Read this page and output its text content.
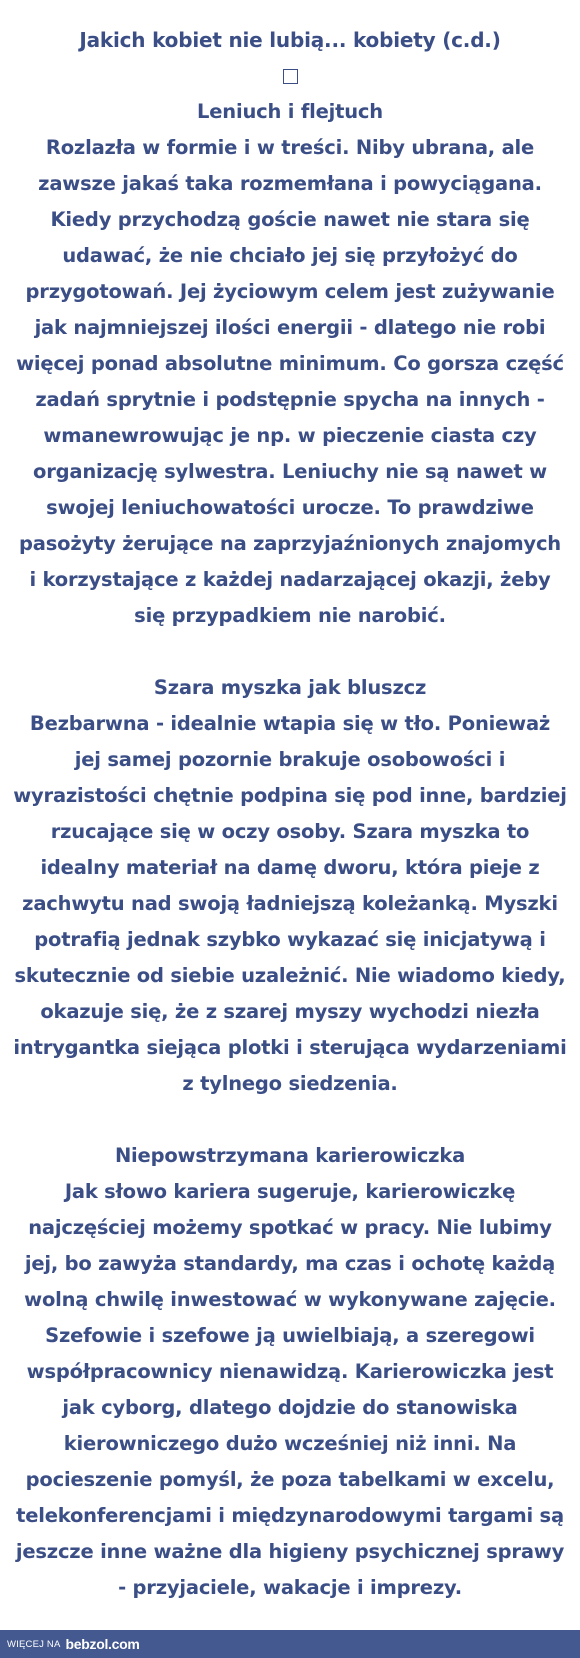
Jakich kobiet nie lubią... kobiety (c.d.)
Leniuch i flejtuch
Rozlazła w formie i w treści. Niby ubrana, ale
zawsze jakaś taka rozmemłana i powyciągana.
Kiedy przychodzą goście nawet nie stara się
udawać, że nie chciało jej się przyłożyć do
przygotowań. Jej życiowym celem jest zużywanie
jak najmniejszej ilości energii - dlatego nie robi
więcej ponad absolutne minimum. Co gorsza część
zadań sprytnie i podstępnie spycha na innych -
wmanewrowując je np. w pieczenie ciasta czy
organizację sylwestra. Leniuchy nie są nawet w
swojej leniuchowatości urocze. To prawdziwe
pasożyty żerujące na zaprzyjaźnionych znajomych
i korzystające z każdej nadarzającej okazji, żeby
się przypadkiem nie narobić.
Szara myszka jak bluszcz
Bezbarwna - idealnie wtapia się w tło. Ponieważ
jej samej pozornie brakuje osobowości i
wyrazistości chętnie podpina się pod inne, bardziej
rzucające się w oczy osoby. Szara myszka to
idealny materiał na damę dworu, która pieje z
zachwytu nad swoją ładniejszą koleżanką. Myszki
potrafią jednak szybko wykazać się inicjatywą i
skutecznie od siebie uzależnić. Nie wiadomo kiedy,
okazuje się, że z szarej myszy wychodzi niezła
intrygantka siejąca plotki i sterująca wydarzeniami
z tylnego siedzenia.
Niepowstrzymana karierowiczka
Jak słowo kariera sugeruje, karierowiczkę
najczęściej możemy spotkać w pracy. Nie lubimy
jej, bo zawyża standardy, ma czas i ochotę każdą
wolną chwilę inwestować w wykonywane zajęcie.
Szefowie i szefowe ją uwielbiają, a szeregowi
współpracownicy nienawidzą. Karierowiczka jest
jak cyborg, dlatego dojdzie do stanowiska
kierowniczego dużo wcześniej niż inni. Na
pocieszenie pomyśl, że poza tabelkami w excelu,
telekonferencjami i międzynarodowymi targami są
jeszcze inne ważne dla higieny psychicznej sprawy
- przyjaciele, wakacje i imprezy.
WIĘCEJ NA bebzol.com
